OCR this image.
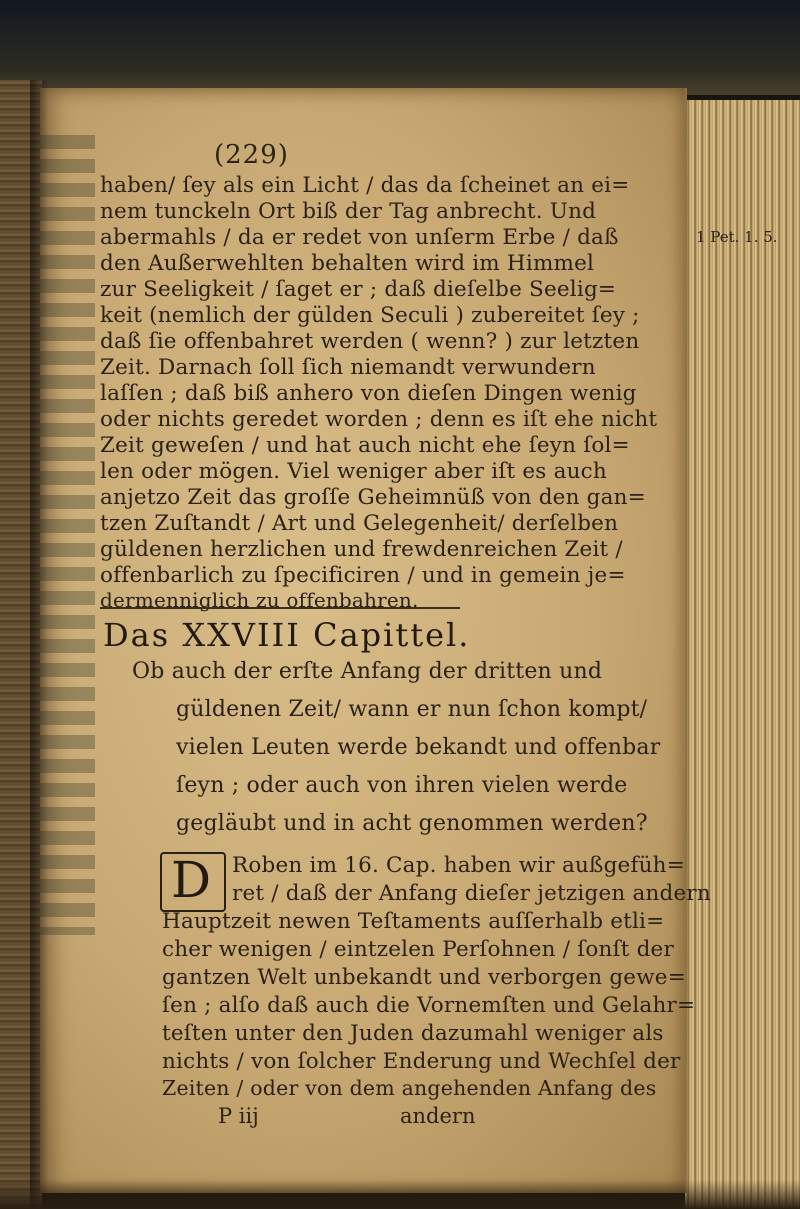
(229)
1 Pet. 1. 5.
haben/ ſey als ein Licht / das da ſcheinet an ei=
nem tunckeln Ort biß der Tag anbrecht. Und
abermahls / da er redet von unſerm Erbe / daß
den Außerwehlten behalten wird im Himmel
zur Seeligkeit / ſaget er ; daß dieſelbe Seelig=
keit (nemlich der gülden Seculi ) zubereitet ſey ;
daß ſie offenbahret werden ( wenn? ) zur letzten
Zeit. Darnach ſoll ſich niemandt verwundern
laſſen ; daß biß anhero von dieſen Dingen wenig
oder nichts geredet worden ; denn es iſt ehe nicht
Zeit geweſen / und hat auch nicht ehe ſeyn ſol=
len oder mögen. Viel weniger aber iſt es auch
anjetzo Zeit das groſſe Geheimnüß von den gan=
tzen Zuſtandt / Art und Gelegenheit/ derſelben
güldenen herzlichen und frewdenreichen Zeit /
offenbarlich zu ſpecificiren / und in gemein je=
dermenniglich zu offenbahren.
Das XXVIII Capittel.
Ob auch der erſte Anfang der dritten und
güldenen Zeit/ wann er nun ſchon kompt/
vielen Leuten werde bekandt und offenbar
ſeyn ; oder auch von ihren vielen werde
gegläubt und in acht genommen werden?
D Roben im 16. Cap. haben wir außgefüh=
ret / daß der Anfang dieſer jetzigen andern
Hauptzeit newen Teſtaments auſſerhalb etli=
cher wenigen / eintzelen Perſohnen / ſonſt der
gantzen Welt unbekandt und verborgen gewe=
ſen ; alſo daß auch die Vornemſten und Gelahr=
teſten unter den Juden dazumahl weniger als
nichts / von ſolcher Enderung und Wechſel der
Zeiten / oder von dem angehenden Anfang des
P iij	andern
